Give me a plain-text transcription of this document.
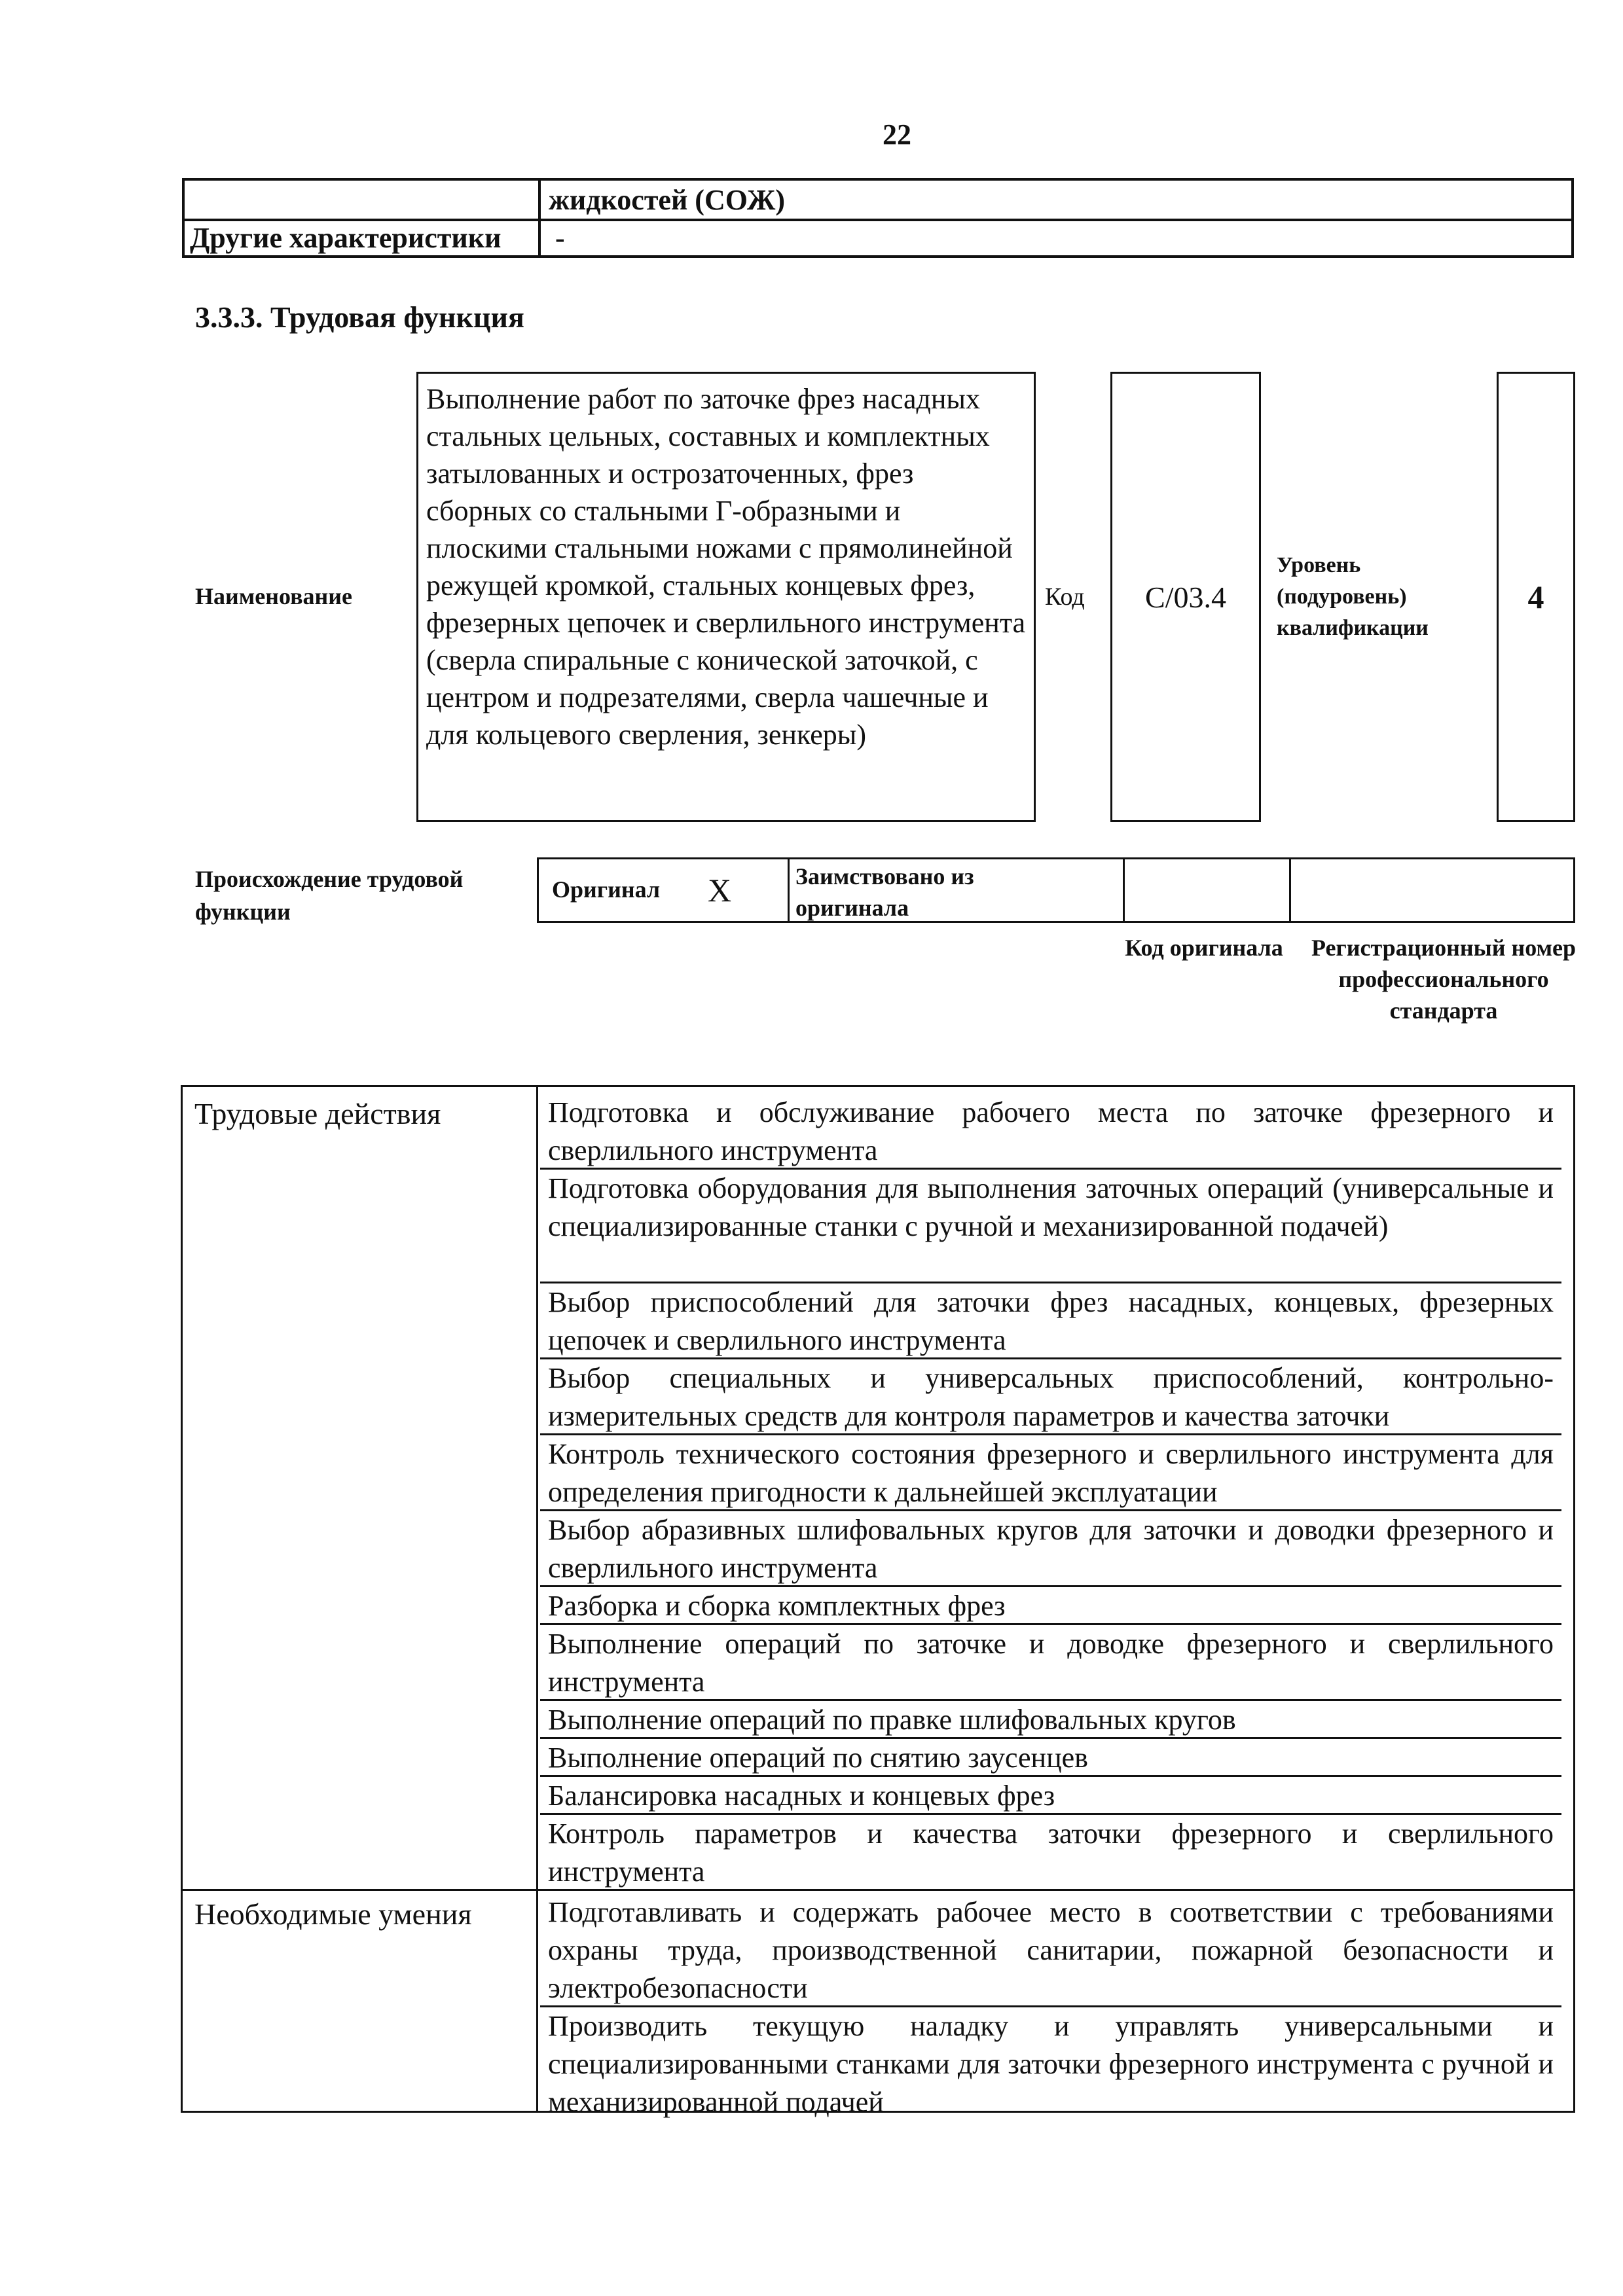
22
жидкостей (СОЖ)
Другие характеристики -
3.3.3. Трудовая функция
Наименование
Выполнение работ по заточке фрез насадных стальных цельных, составных и комплектных затылованных и острозаточенных, фрез сборных со стальными Г-образными и плоскими стальными ножами с прямолинейной режущей кромкой, стальных концевых фрез, фрезерных цепочек и сверлильного инструмента (сверла спиральные с конической заточкой, с центром и подрезателями, сверла чашечные и для кольцевого сверления, зенкеры)
Код C/03.4
Уровень (подуровень) квалификации
4
Происхождение трудовой функции
Оригинал X	Заимствовано из оригинала
Код оригинала Регистрационный номер профессионального стандарта
Трудовые действия
Необходимые умения
Подготовка и обслуживание рабочего места по заточке фрезерного и сверлильного инструмента
Подготовка оборудования для выполнения заточных операций (универсальные и специализированные станки с ручной и механизированной подачей)
Выбор приспособлений для заточки фрез насадных, концевых, фрезерных цепочек и сверлильного инструмента
Выбор специальных и универсальных приспособлений, контрольно-измерительных средств для контроля параметров и качества заточки
Контроль технического состояния фрезерного и сверлильного инструмента для определения пригодности к дальнейшей эксплуатации
Выбор абразивных шлифовальных кругов для заточки и доводки фрезерного и сверлильного инструмента
Разборка и сборка комплектных фрез
Выполнение операций по заточке и доводке фрезерного и сверлильного инструмента
Выполнение операций по правке шлифовальных кругов
Выполнение операций по снятию заусенцев
Балансировка насадных и концевых фрез
Контроль параметров и качества заточки фрезерного и сверлильного инструмента
Подготавливать и содержать рабочее место в соответствии с требованиями охраны труда, производственной санитарии, пожарной безопасности и электробезопасности
Производить текущую наладку и управлять универсальными и специализированными станками для заточки фрезерного инструмента с ручной и механизированной подачей
